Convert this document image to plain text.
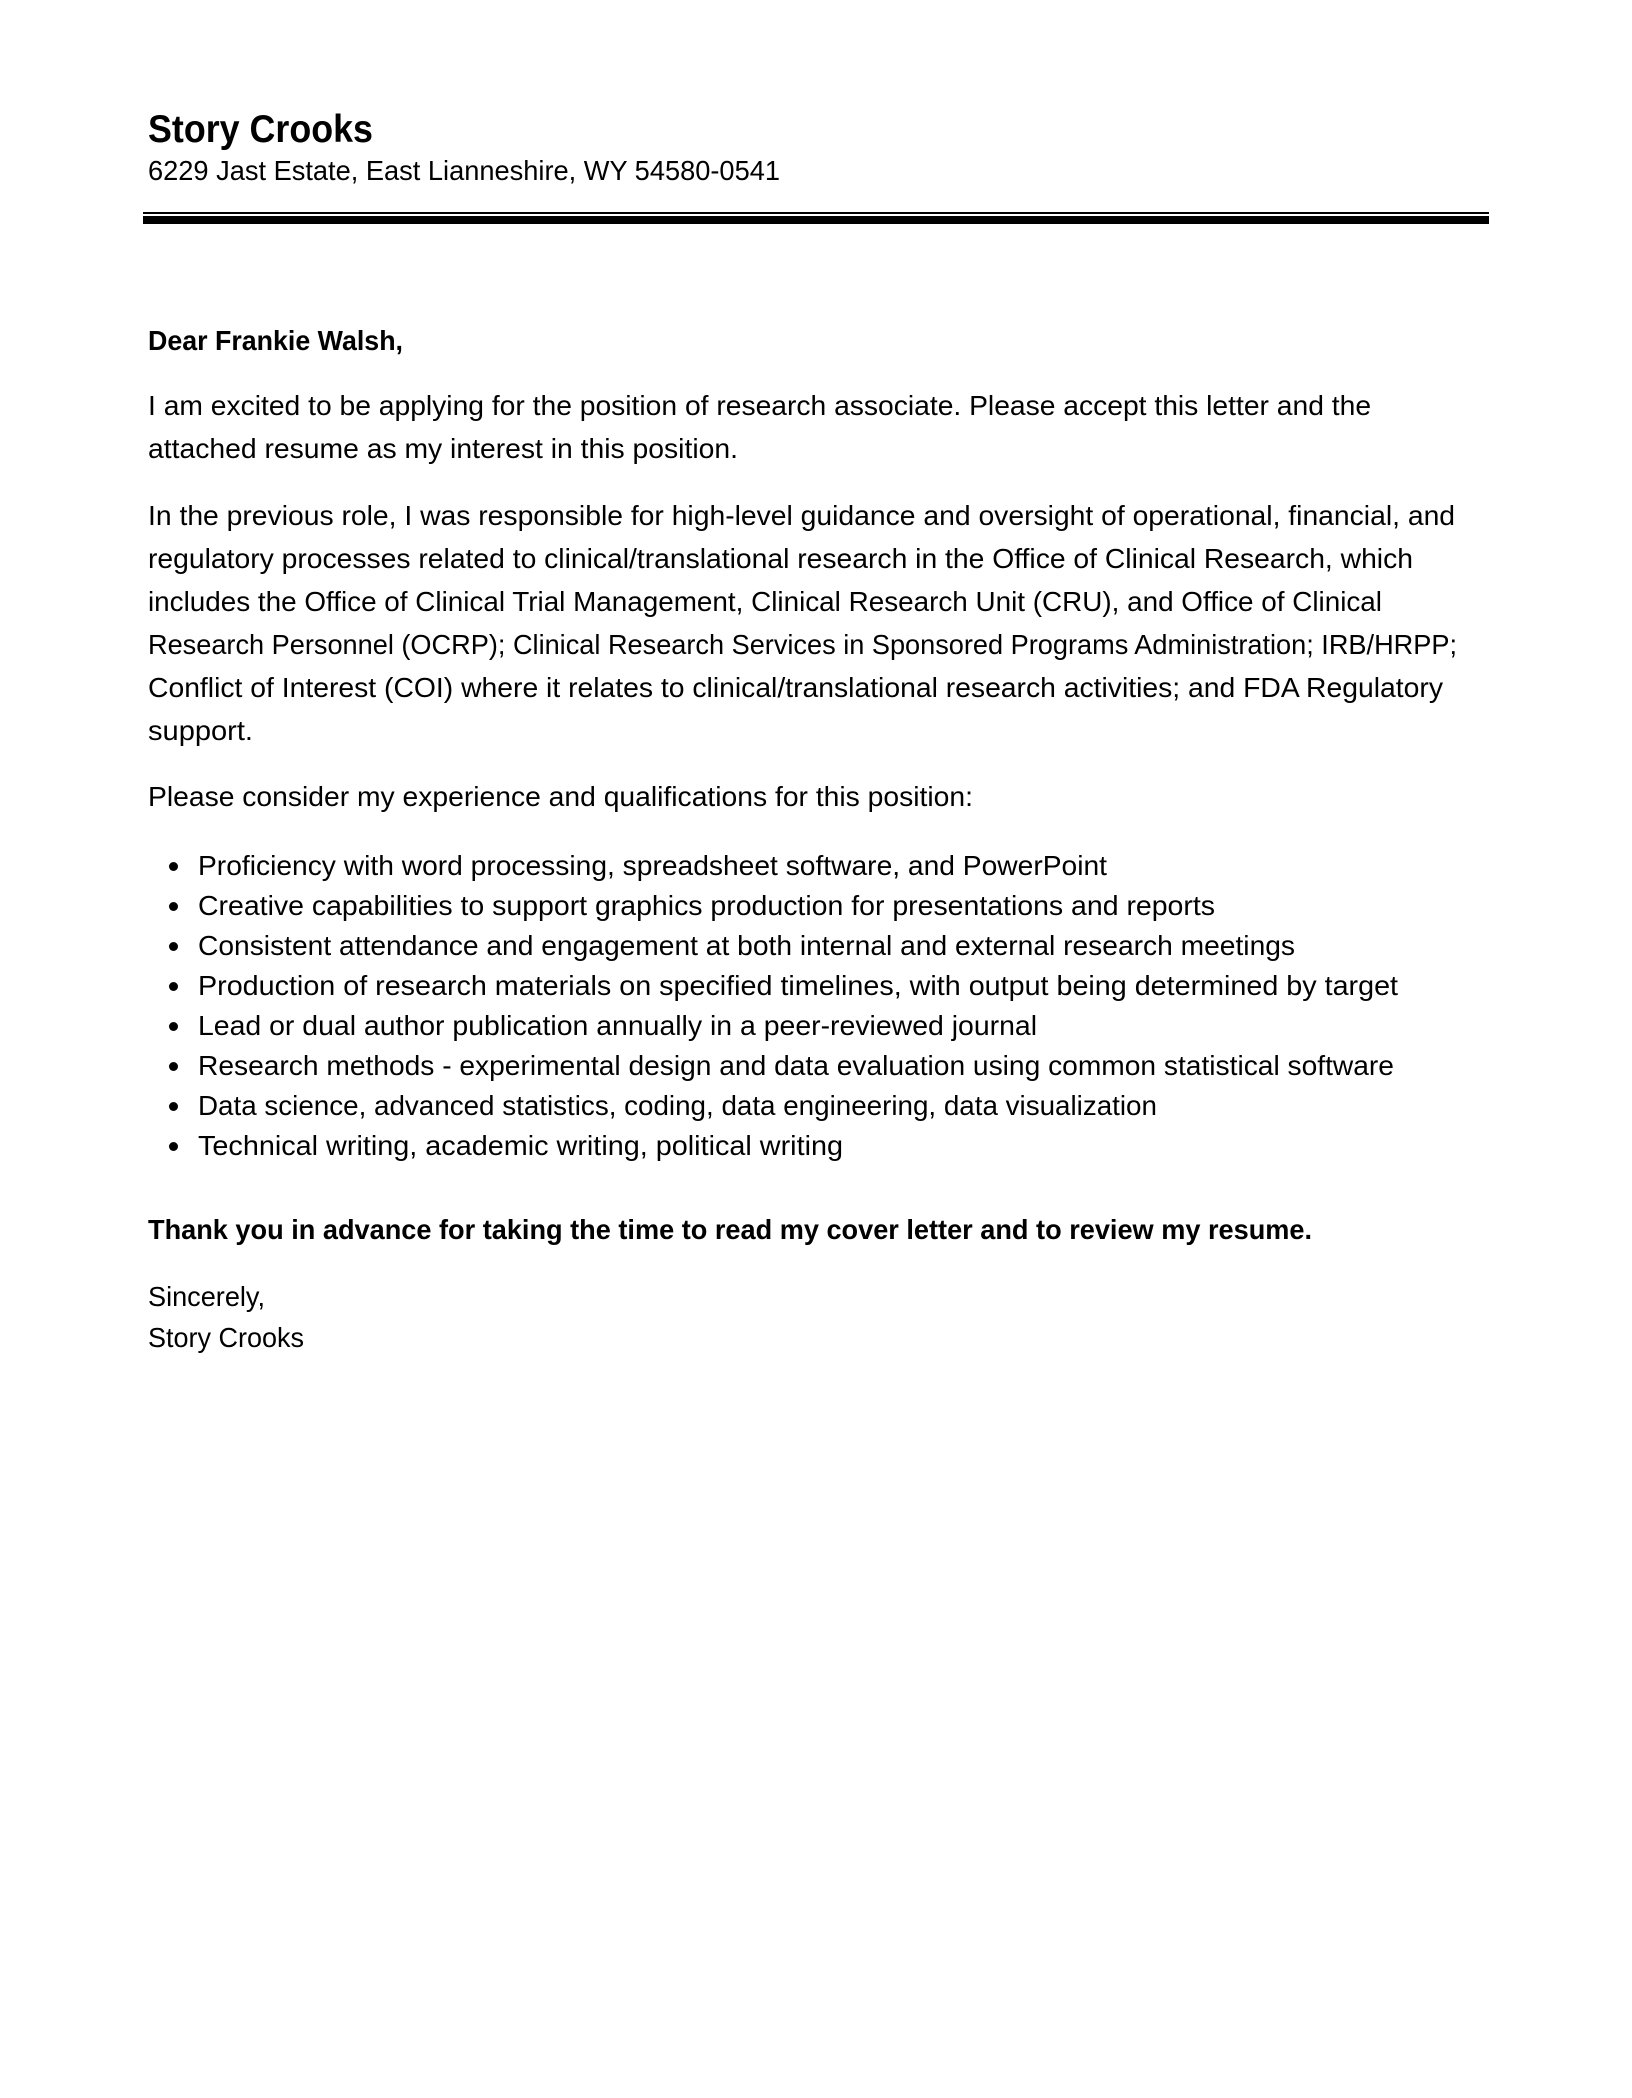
Story Crooks
6229 Jast Estate, East Lianneshire, WY 54580-0541
Dear Frankie Walsh,
I am excited to be applying for the position of research associate. Please accept this letter and the
attached resume as my interest in this position.
In the previous role, I was responsible for high-level guidance and oversight of operational, financial, and
regulatory processes related to clinical/translational research in the Office of Clinical Research, which
includes the Office of Clinical Trial Management, Clinical Research Unit (CRU), and Office of Clinical
Research Personnel (OCRP); Clinical Research Services in Sponsored Programs Administration; IRB/HRPP;
Conflict of Interest (COI) where it relates to clinical/translational research activities; and FDA Regulatory
support.
Please consider my experience and qualifications for this position:
Proficiency with word processing, spreadsheet software, and PowerPoint
Creative capabilities to support graphics production for presentations and reports
Consistent attendance and engagement at both internal and external research meetings
Production of research materials on specified timelines, with output being determined by target
Lead or dual author publication annually in a peer-reviewed journal
Research methods - experimental design and data evaluation using common statistical software
Data science, advanced statistics, coding, data engineering, data visualization
Technical writing, academic writing, political writing
Thank you in advance for taking the time to read my cover letter and to review my resume.
Sincerely,
Story Crooks
